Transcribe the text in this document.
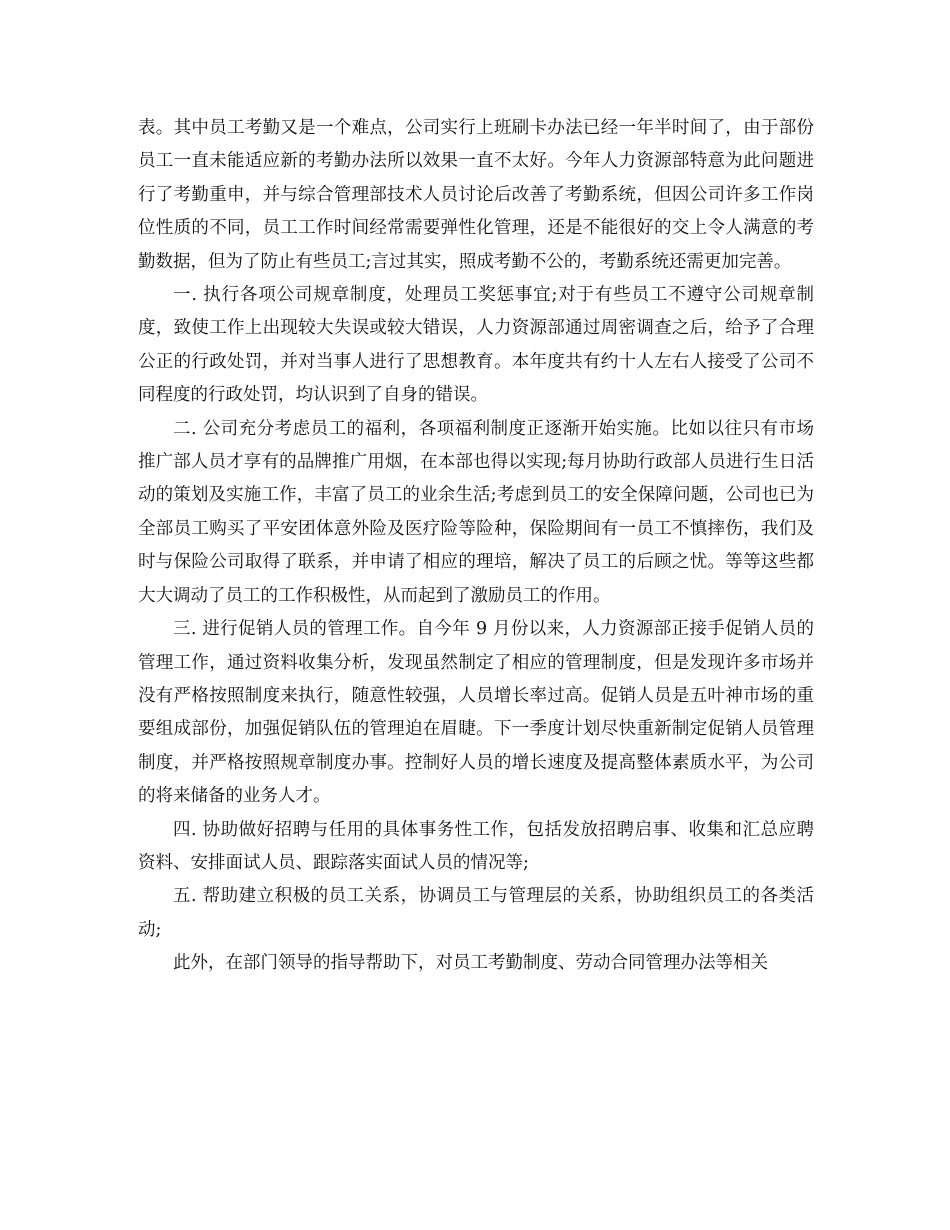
表。其中员工考勤又是一个难点，公司实行上班刷卡办法已经一年半时间了，由于部份员工一直未能适应新的考勤办法所以效果一直不太好。今年人力资源部特意为此问题进行了考勤重申，并与综合管理部技术人员讨论后改善了考勤系统，但因公司许多工作岗位性质的不同，员工工作时间经常需要弹性化管理，还是不能很好的交上令人满意的考勤数据，但为了防止有些员工;言过其实，照成考勤不公的，考勤系统还需更加完善。

一. 执行各项公司规章制度，处理员工奖惩事宜;对于有些员工不遵守公司规章制度，致使工作上出现较大失误或较大错误，人力资源部通过周密调查之后，给予了合理公正的行政处罚，并对当事人进行了思想教育。本年度共有约十人左右人接受了公司不同程度的行政处罚，均认识到了自身的错误。

二. 公司充分考虑员工的福利，各项福利制度正逐渐开始实施。比如以往只有市场推广部人员才享有的品牌推广用烟，在本部也得以实现;每月协助行政部人员进行生日活动的策划及实施工作，丰富了员工的业余生活;考虑到员工的安全保障问题，公司也已为全部员工购买了平安团体意外险及医疗险等险种，保险期间有一员工不慎摔伤，我们及时与保险公司取得了联系，并申请了相应的理培，解决了员工的后顾之忧。等等这些都大大调动了员工的工作积极性，从而起到了激励员工的作用。

三. 进行促销人员的管理工作。自今年 9 月份以来，人力资源部正接手促销人员的管理工作，通过资料收集分析，发现虽然制定了相应的管理制度，但是发现许多市场并没有严格按照制度来执行，随意性较强，人员增长率过高。促销人员是五叶神市场的重要组成部份，加强促销队伍的管理迫在眉睫。下一季度计划尽快重新制定促销人员管理制度，并严格按照规章制度办事。控制好人员的增长速度及提高整体素质水平，为公司的将来储备的业务人才。

四. 协助做好招聘与任用的具体事务性工作，包括发放招聘启事、收集和汇总应聘资料、安排面试人员、跟踪落实面试人员的情况等;

五. 帮助建立积极的员工关系，协调员工与管理层的关系，协助组织员工的各类活动;

此外，在部门领导的指导帮助下，对员工考勤制度、劳动合同管理办法等相关
